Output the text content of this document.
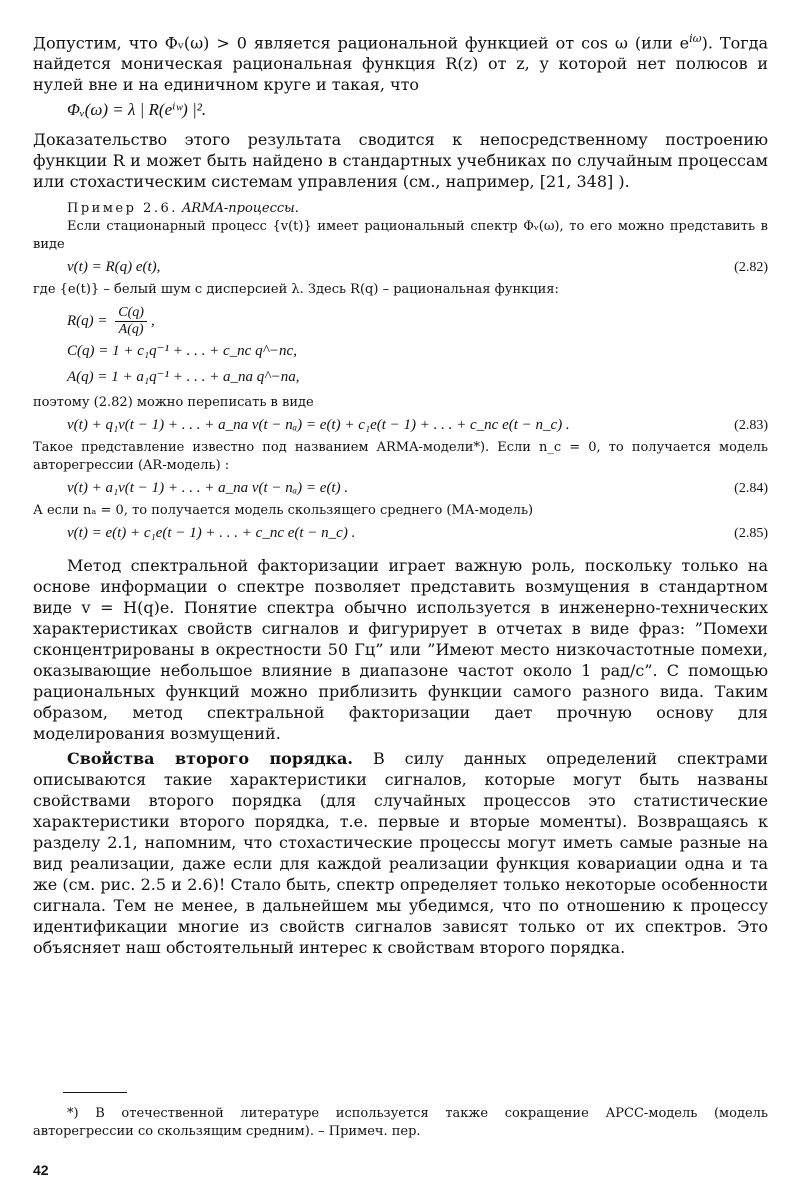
Допустим, что Φᵥ(ω) > 0 является рациональной функцией от cos ω (или $e^{i\omega}$). Тогда найдется моническая рациональная функция R(z) от z, у которой нет полюсов и нулей вне и на единичном круге и такая, что

Φᵥ(ω) = λ | R(eⁱʷ) |².

Доказательство этого результата сводится к непосредственному построению функции R и может быть найдено в стандартных учебниках по случайным процессам или стохастическим системам управления (см., например, [21, 348] ).

Пример 2.6. ARMA-процессы.

Если стационарный процесс {v(t)} имеет рациональный спектр Φᵥ(ω), то его можно представить в виде

v(t) = R(q) e(t),	(2.82)

где {e(t)} – белый шум с дисперсией λ. Здесь R(q) – рациональная функция:

$R(q) = \frac{C(q)}{A(q)}$ ,
C(q) = 1 + c₁q⁻¹ + . . . + c_nc q^−nc,
A(q) = 1 + a₁q⁻¹ + . . . + a_na q^−na,

поэтому (2.82) можно переписать в виде

v(t) + q₁v(t − 1) + . . . + a_na v(t − nₐ) = e(t) + c₁e(t − 1) + . . . + c_nc e(t − n_c) .	(2.83)

Такое представление известно под названием ARMA-модели*). Если n_c = 0, то получается модель авторегрессии (AR-модель) :

v(t) + a₁v(t − 1) + . . . + a_na v(t − nₐ) = e(t) .	(2.84)

А если nₐ = 0, то получается модель скользящего среднего (МА-модель)

v(t) = e(t) + c₁e(t − 1) + . . . + c_nc e(t − n_c) .	(2.85)

Метод спектральной факторизации играет важную роль, поскольку только на основе информации о спектре позволяет представить возмущения в стандартном виде v = H(q)e. Понятие спектра обычно используется в инженерно-технических характеристиках свойств сигналов и фигурирует в отчетах в виде фраз: ”Помехи сконцентрированы в окрестности 50 Гц” или ”Имеют место низкочастотные помехи, оказывающие небольшое влияние в диапазоне частот около 1 рад/с”. С помощью рациональных функций можно приблизить функции самого разного вида. Таким образом, метод спектральной факторизации дает прочную основу для моделирования возмущений.

Свойства второго порядка. В силу данных определений спектрами описываются такие характеристики сигналов, которые могут быть названы свойствами второго порядка (для случайных процессов это статистические характеристики второго порядка, т.е. первые и вторые моменты). Возвращаясь к разделу 2.1, напомним, что стохастические процессы могут иметь самые разные на вид реализации, даже если для каждой реализации функция ковариации одна и та же (см. рис. 2.5 и 2.6)! Стало быть, спектр определяет только некоторые особенности сигнала. Тем не менее, в дальнейшем мы убедимся, что по отношению к процессу идентификации многие из свойств сигналов зависят только от их спектров. Это объясняет наш обстоятельный интерес к свойствам второго порядка.

*) В отечественной литературе используется также сокращение АРСС-модель (модель авторегрессии со скользящим средним). – Примеч. пер.

42
